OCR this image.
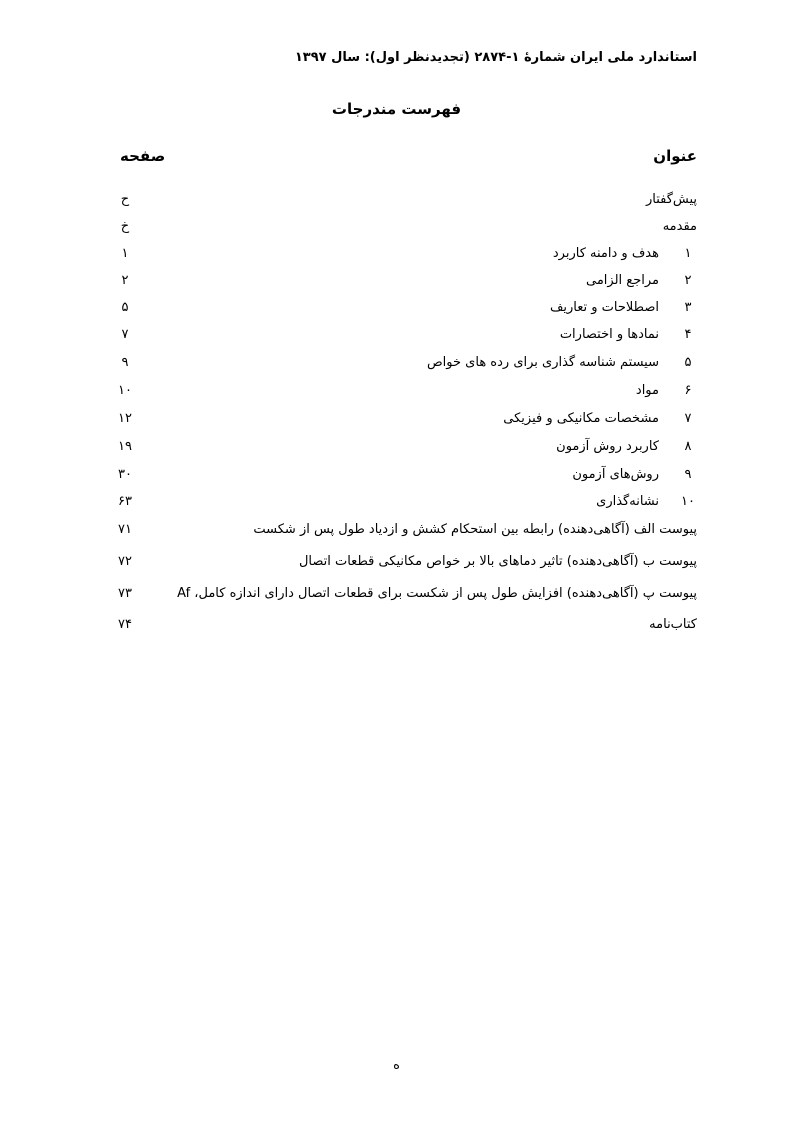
استاندارد ملی ایران شمارهٔ ۱-۲۸۷۴ (تجدیدنظر اول): سال ۱۳۹۷
فهرست مندرجات
عنوان
صفحه
پیش‌گفتار
ح
مقدمه
خ
۱
هدف و دامنه کاربرد
۱
۲
مراجع الزامی
۲
۳
اصطلاحات و تعاریف
۵
۴
نمادها و اختصارات
۷
۵
سیستم شناسه گذاری برای رده های خواص
۹
۶
مواد
۱۰
۷
مشخصات مکانیکی و فیزیکی
۱۲
۸
کاربرد روش آزمون
۱۹
۹
روش‌های آزمون
۳۰
۱۰
نشانه‌گذاری
۶۳
پیوست الف (آگاهی‌دهنده) رابطه بین استحکام کشش و ازدیاد طول پس از شکست
۷۱
پیوست ب (آگاهی‌دهنده) تاثیر دماهای بالا بر خواص مکانیکی قطعات اتصال
۷۲
پیوست پ (آگاهی‌دهنده) افزایش طول پس از شکست برای قطعات اتصال دارای اندازه کامل، Af
۷۳
کتاب‌نامه
۷۴
ه
